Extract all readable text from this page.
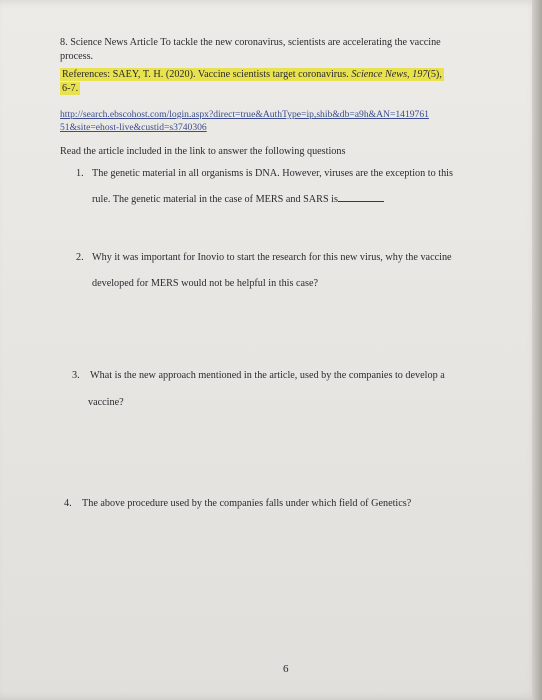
8. Science News Article To tackle the new coronavirus, scientists are accelerating the vaccine
process.
References: SAEY, T. H. (2020). Vaccine scientists target coronavirus. Science News, 197(5),
6-7.
http://search.ebscohost.com/login.aspx?direct=true&AuthType=ip,shib&db=a9h&AN=1419761
51&site=ehost-live&custid=s3740306
Read the article included in the link to answer the following questions
1. The genetic material in all organisms is DNA. However, viruses are the exception to this
rule. The genetic material in the case of MERS and SARS is
2. Why it was important for Inovio to start the research for this new virus, why the vaccine
developed for MERS would not be helpful in this case?
3. What is the new approach mentioned in the article, used by the companies to develop a
vaccine?
4. The above procedure used by the companies falls under which field of Genetics?
6
